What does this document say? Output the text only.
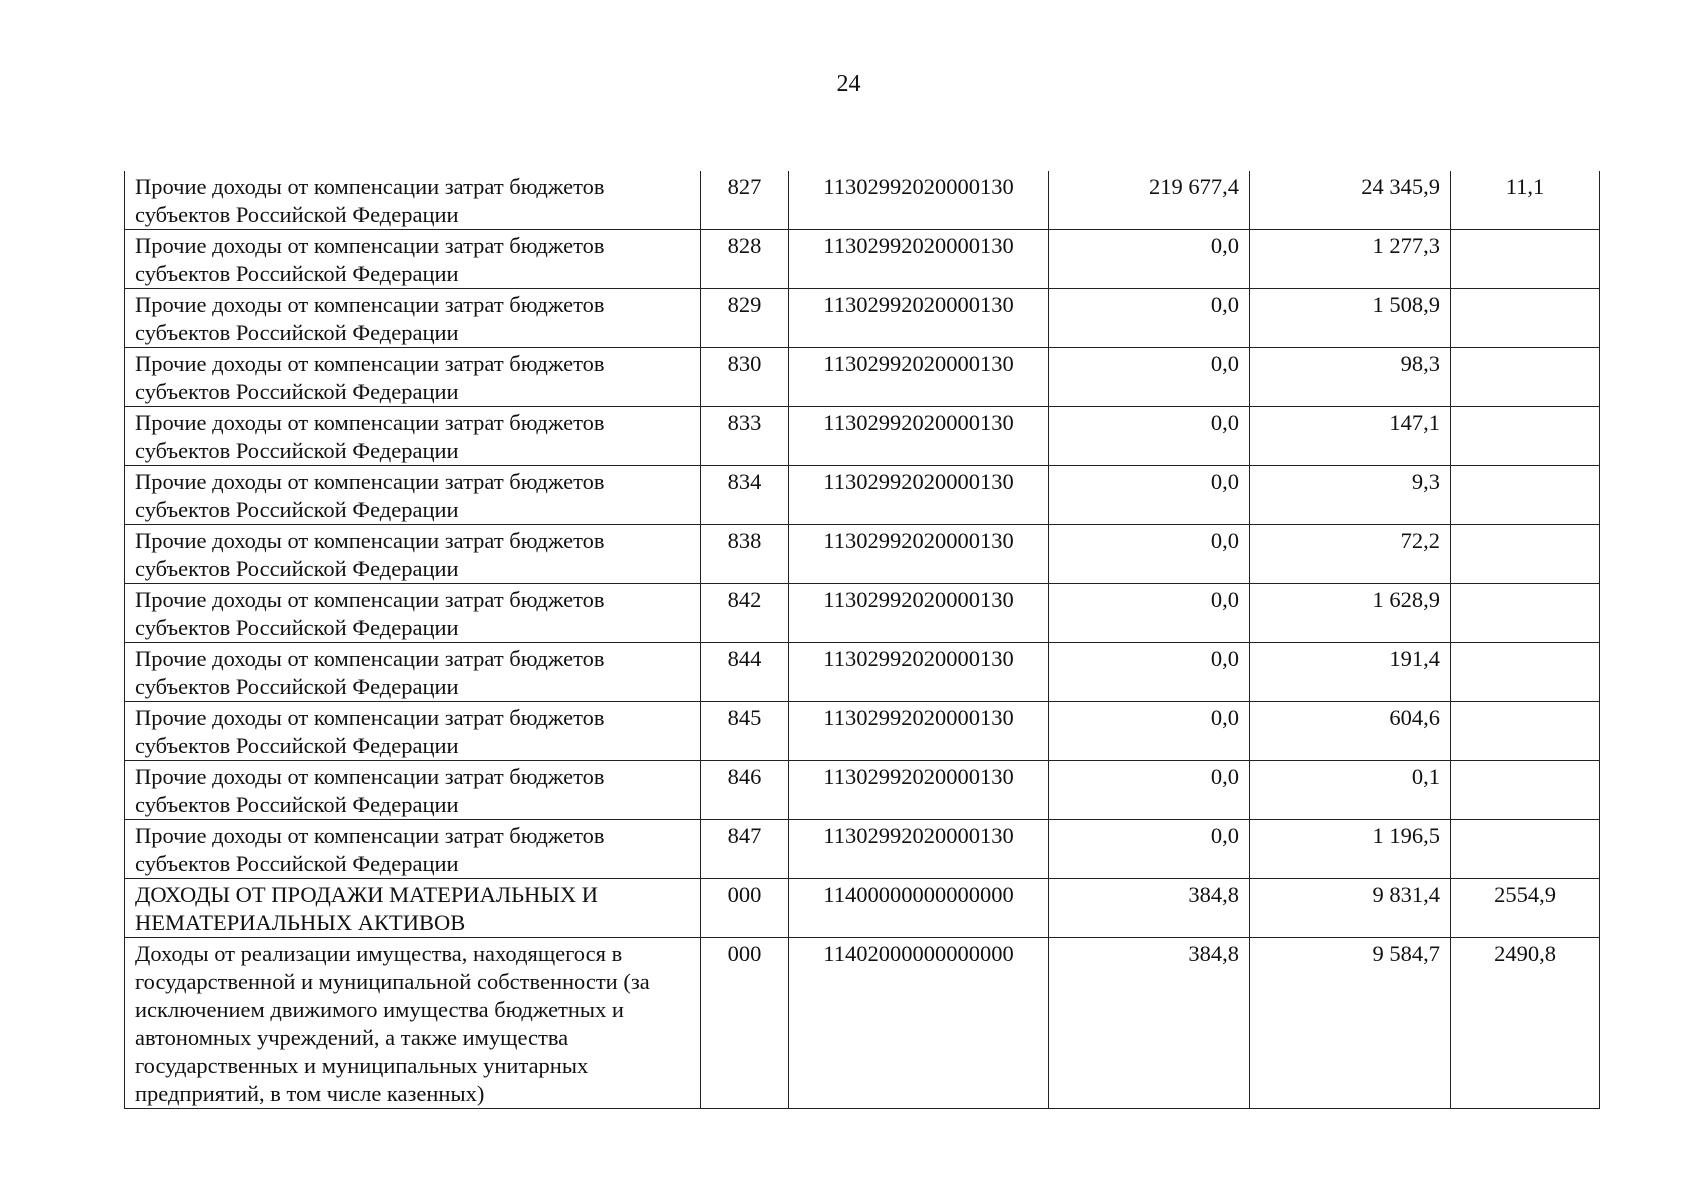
24
Прочие доходы от компенсации затрат бюджетов субъектов Российской Федерации	827	11302992020000130	219 677,4	24 345,9	11,1
Прочие доходы от компенсации затрат бюджетов субъектов Российской Федерации	828	11302992020000130	0,0	1 277,3	
Прочие доходы от компенсации затрат бюджетов субъектов Российской Федерации	829	11302992020000130	0,0	1 508,9	
Прочие доходы от компенсации затрат бюджетов субъектов Российской Федерации	830	11302992020000130	0,0	98,3	
Прочие доходы от компенсации затрат бюджетов субъектов Российской Федерации	833	11302992020000130	0,0	147,1	
Прочие доходы от компенсации затрат бюджетов субъектов Российской Федерации	834	11302992020000130	0,0	9,3	
Прочие доходы от компенсации затрат бюджетов субъектов Российской Федерации	838	11302992020000130	0,0	72,2	
Прочие доходы от компенсации затрат бюджетов субъектов Российской Федерации	842	11302992020000130	0,0	1 628,9	
Прочие доходы от компенсации затрат бюджетов субъектов Российской Федерации	844	11302992020000130	0,0	191,4	
Прочие доходы от компенсации затрат бюджетов субъектов Российской Федерации	845	11302992020000130	0,0	604,6	
Прочие доходы от компенсации затрат бюджетов субъектов Российской Федерации	846	11302992020000130	0,0	0,1	
Прочие доходы от компенсации затрат бюджетов субъектов Российской Федерации	847	11302992020000130	0,0	1 196,5	
ДОХОДЫ ОТ ПРОДАЖИ МАТЕРИАЛЬНЫХ И НЕМАТЕРИАЛЬНЫХ АКТИВОВ	000	11400000000000000	384,8	9 831,4	2554,9
Доходы от реализации имущества, находящегося в государственной и муниципальной собственности (за исключением движимого имущества бюджетных и автономных учреждений, а также имущества государственных и муниципальных унитарных предприятий, в том числе казенных)	000	11402000000000000	384,8	9 584,7	2490,8
